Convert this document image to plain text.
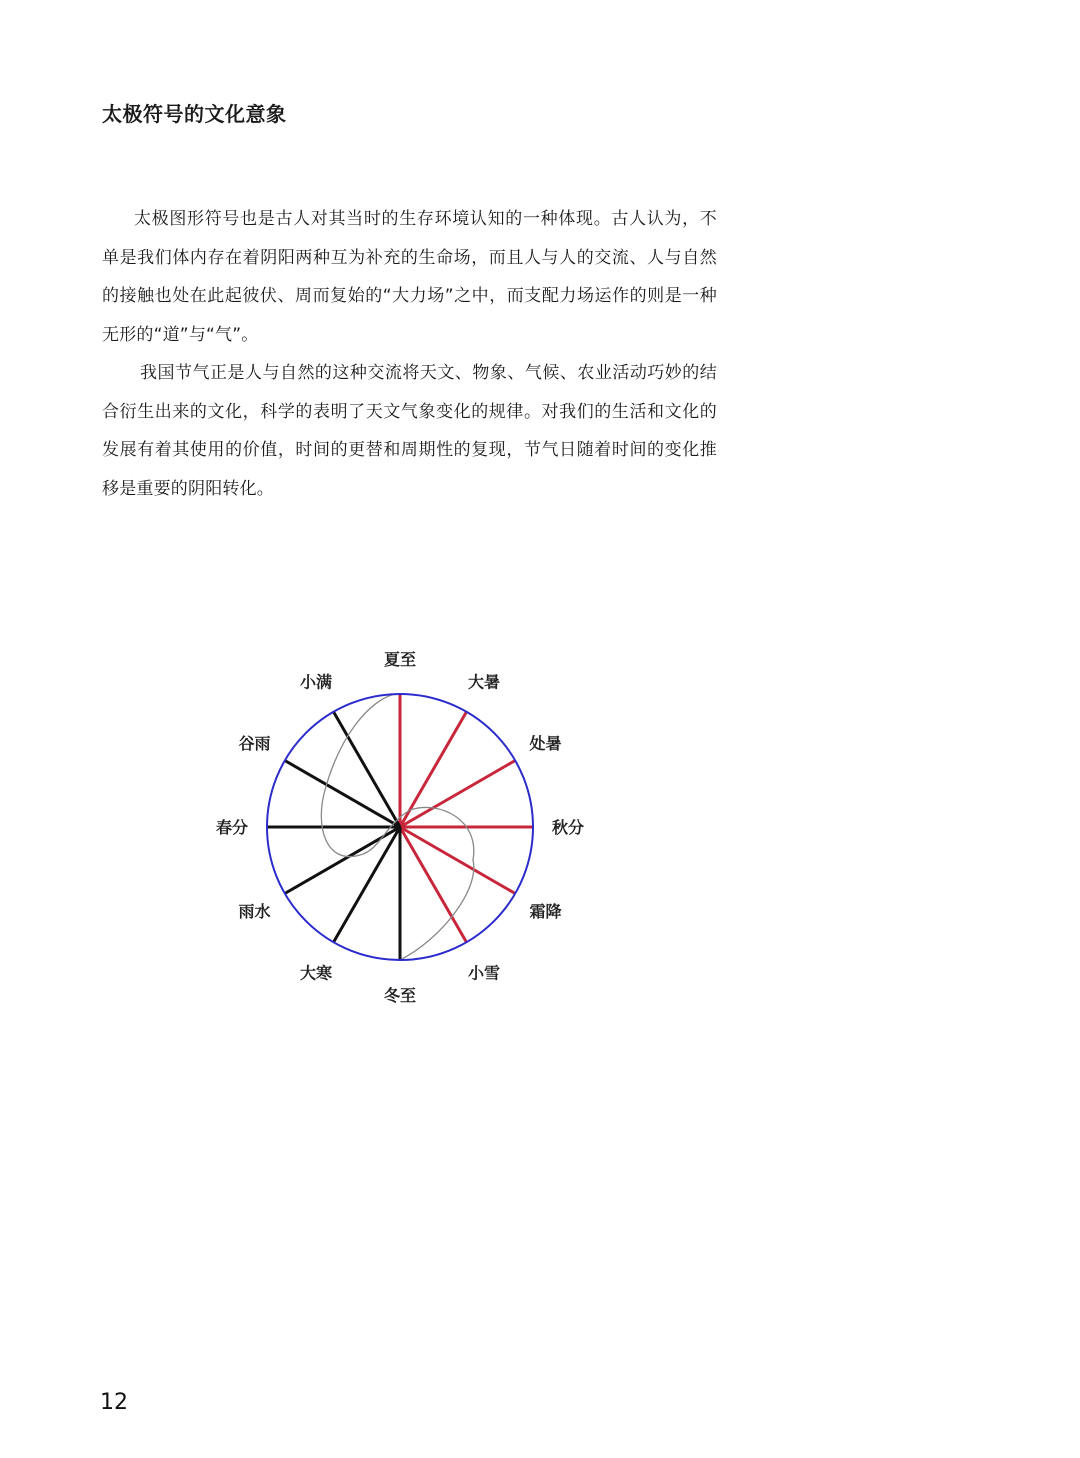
太极符号的文化意象

太极图形符号也是古人对其当时的生存环境认知的一种体现。古人认为，不单是我们体内存在着阴阳两种互为补充的生命场，而且人与人的交流、人与自然的接触也处在此起彼伏、周而复始的“大力场”之中，而支配力场运作的则是一种无形的“道”与“气”。

我国节气正是人与自然的这种交流将天文、物象、气候、农业活动巧妙的结合衍生出来的文化，科学的表明了天文气象变化的规律。对我们的生活和文化的发展有着其使用的价值，时间的更替和周期性的复现，节气日随着时间的变化推移是重要的阴阳转化。

夏至
大暑
处暑
秋分
霜降
小雪
冬至
大寒
雨水
春分
谷雨
小满
12
